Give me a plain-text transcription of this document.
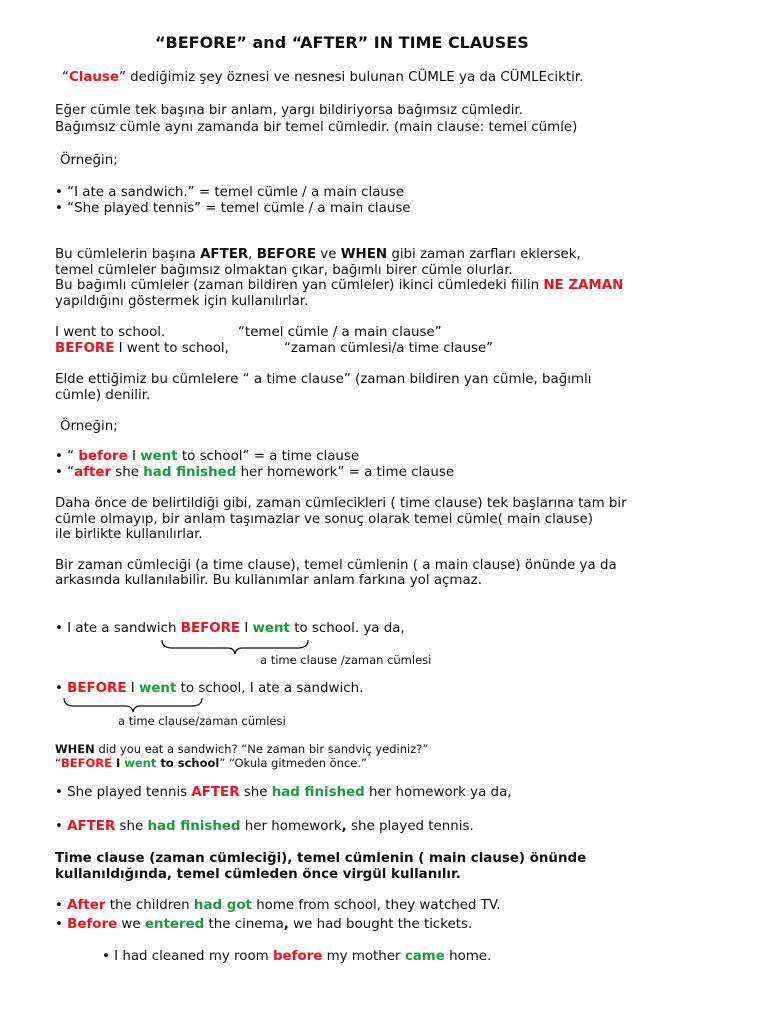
“BEFORE” and “AFTER” IN TIME CLAUSES
“Clause” dediğimiz şey öznesi ve nesnesi bulunan CÜMLE ya da CÜMLEciktir.
Eğer cümle tek başına bir anlam, yargı bildiriyorsa bağımsız cümledir.
Bağımsız cümle aynı zamanda bir temel cümledir. (main clause: temel cümle)
Örneğin;
• “I ate a sandwich.” = temel cümle / a main clause
• “She played tennis” = temel cümle / a main clause
Bu cümlelerin başına AFTER, BEFORE ve WHEN gibi zaman zarfları eklersek,
temel cümleler bağımsız olmaktan çıkar, bağımlı birer cümle olurlar.
Bu bağımlı cümleler (zaman bildiren yan cümleler) ikinci cümledeki fiilin NE ZAMAN
yapıldığını göstermek için kullanılırlar.
I went to school.	“temel cümle / a main clause”
BEFORE I went to school,	“zaman cümlesi/a time clause”
Elde ettiğimiz bu cümlelere “ a time clause” (zaman bildiren yan cümle, bağımlı
cümle) denilir.
Örneğin;
• “ before I went to school” = a time clause
• “after she had finished her homework” = a time clause
Daha önce de belirtildiği gibi, zaman cümlecikleri ( time clause) tek başlarına tam bir
cümle olmayıp, bir anlam taşımazlar ve sonuç olarak temel cümle( main clause)
ile birlikte kullanılırlar.
Bir zaman cümleciği (a time clause), temel cümlenin ( a main clause) önünde ya da
arkasında kullanılabilir. Bu kullanımlar anlam farkına yol açmaz.
• I ate a sandwich BEFORE I went to school. ya da,
a time clause /zaman cümlesi
• BEFORE I went to school, I ate a sandwich.
a time clause/zaman cümlesi
WHEN did you eat a sandwich? “Ne zaman bir sandviç yediniz?”
“BEFORE I went to school” “Okula gitmeden önce.”
• She played tennis AFTER she had finished her homework ya da,
• AFTER she had finished her homework, she played tennis.
Time clause (zaman cümleciği), temel cümlenin ( main clause) önünde
kullanıldığında, temel cümleden önce virgül kullanılır.
• After the children had got home from school, they watched TV.
• Before we entered the cinema, we had bought the tickets.
• I had cleaned my room before my mother came home.
